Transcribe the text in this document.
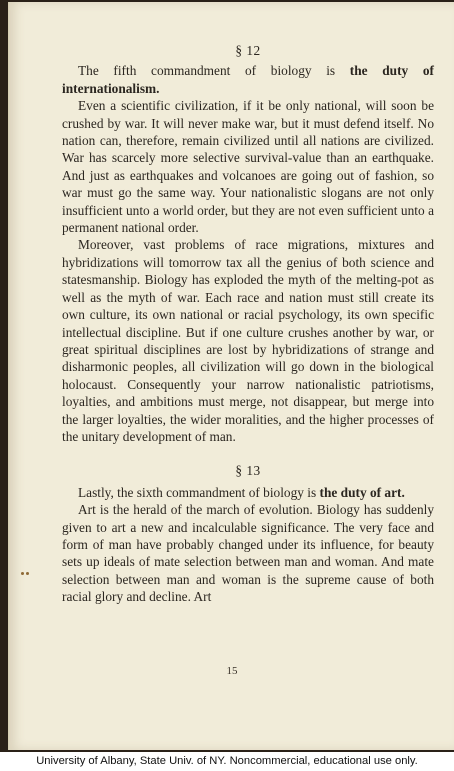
§ 12

The fifth commandment of biology is the duty of internationalism.

Even a scientific civilization, if it be only national, will soon be crushed by war. It will never make war, but it must defend itself. No nation can, therefore, remain civilized until all nations are civilized. War has scarcely more selective survival-value than an earthquake. And just as earthquakes and volcanoes are going out of fashion, so war must go the same way. Your nationalistic slogans are not only insufficient unto a world order, but they are not even sufficient unto a permanent national order.

Moreover, vast problems of race migrations, mixtures and hybridizations will tomorrow tax all the genius of both science and statesmanship. Biology has exploded the myth of the melting-pot as well as the myth of war. Each race and nation must still create its own culture, its own national or racial psychology, its own specific intellectual discipline. But if one culture crushes another by war, or great spiritual disciplines are lost by hybridizations of strange and disharmonic peoples, all civilization will go down in the biological holocaust. Consequently your narrow nationalistic patriotisms, loyalties, and ambitions must merge, not disappear, but merge into the larger loyalties, the wider moralities, and the higher processes of the unitary development of man.

§ 13

Lastly, the sixth commandment of biology is the duty of art.

Art is the herald of the march of evolution. Biology has suddenly given to art a new and incalculable significance. The very face and form of man have probably changed under its influence, for beauty sets up ideals of mate selection between man and woman. And mate selection between man and woman is the supreme cause of both racial glory and decline. Art

15
University of Albany, State Univ. of NY. Noncommercial, educational use only.
